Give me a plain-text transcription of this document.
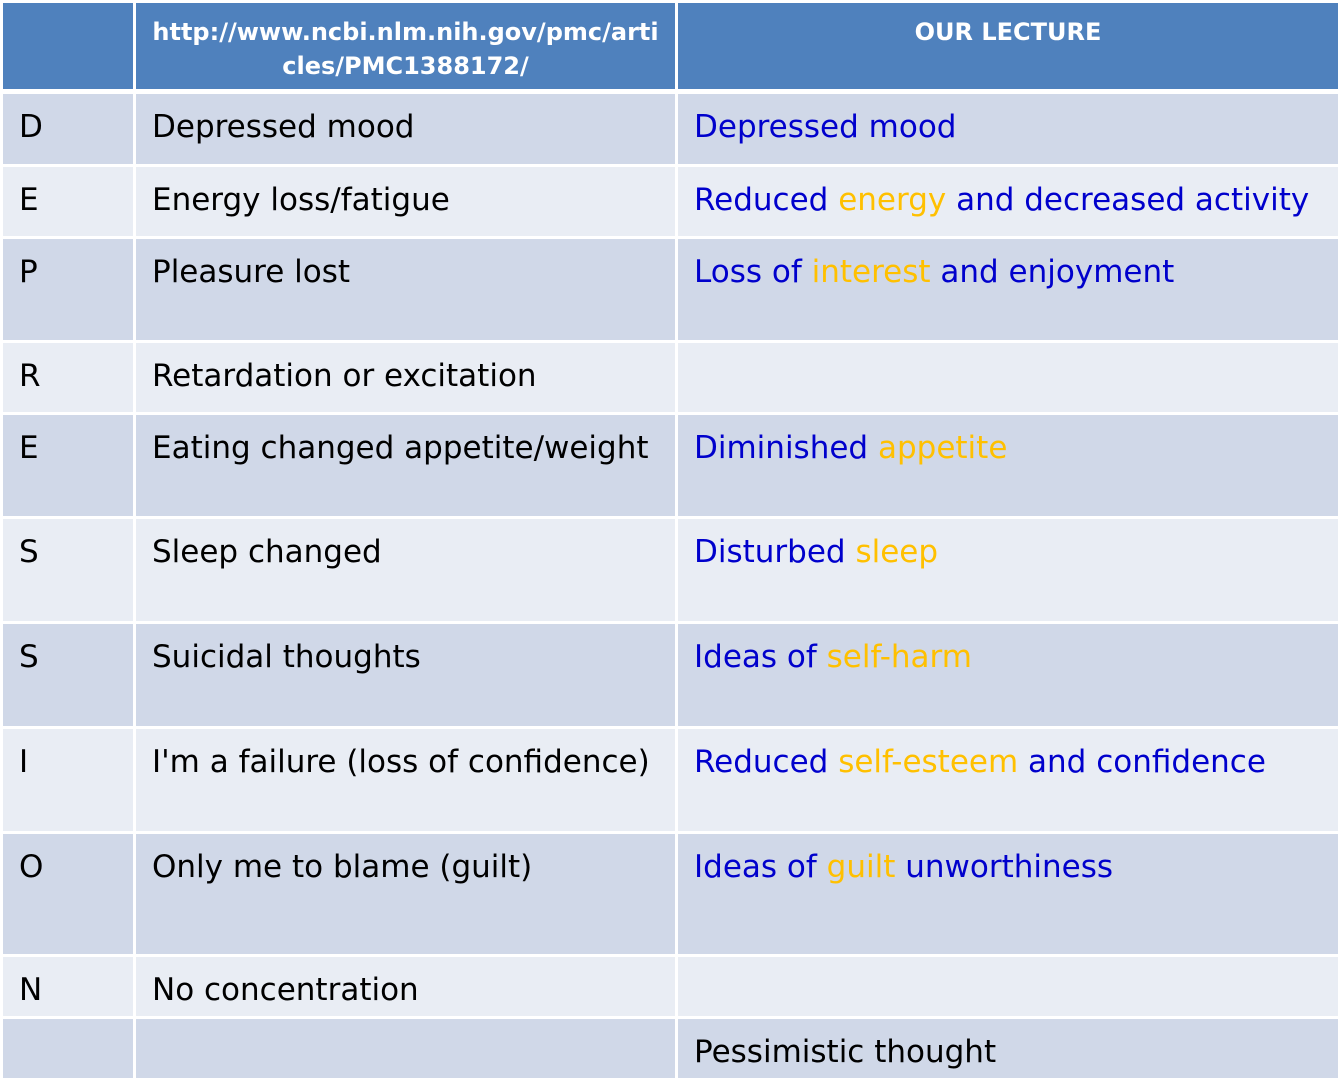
	http://www.ncbi.nlm.nih.gov/pmc/articles/PMC1388172/	OUR LECTURE
D	Depressed mood	Depressed mood
E	Energy loss/fatigue	Reduced energy and decreased activity
P	Pleasure lost	Loss of interest and enjoyment
R	Retardation or excitation	
E	Eating changed appetite/weight	Diminished appetite
S	Sleep changed	Disturbed sleep
S	Suicidal thoughts	Ideas of self-harm
I	I'm a failure (loss of confidence)	Reduced self-esteem and confidence
O	Only me to blame (guilt)	Ideas of guilt unworthiness
N	No concentration	
		Pessimistic thought
